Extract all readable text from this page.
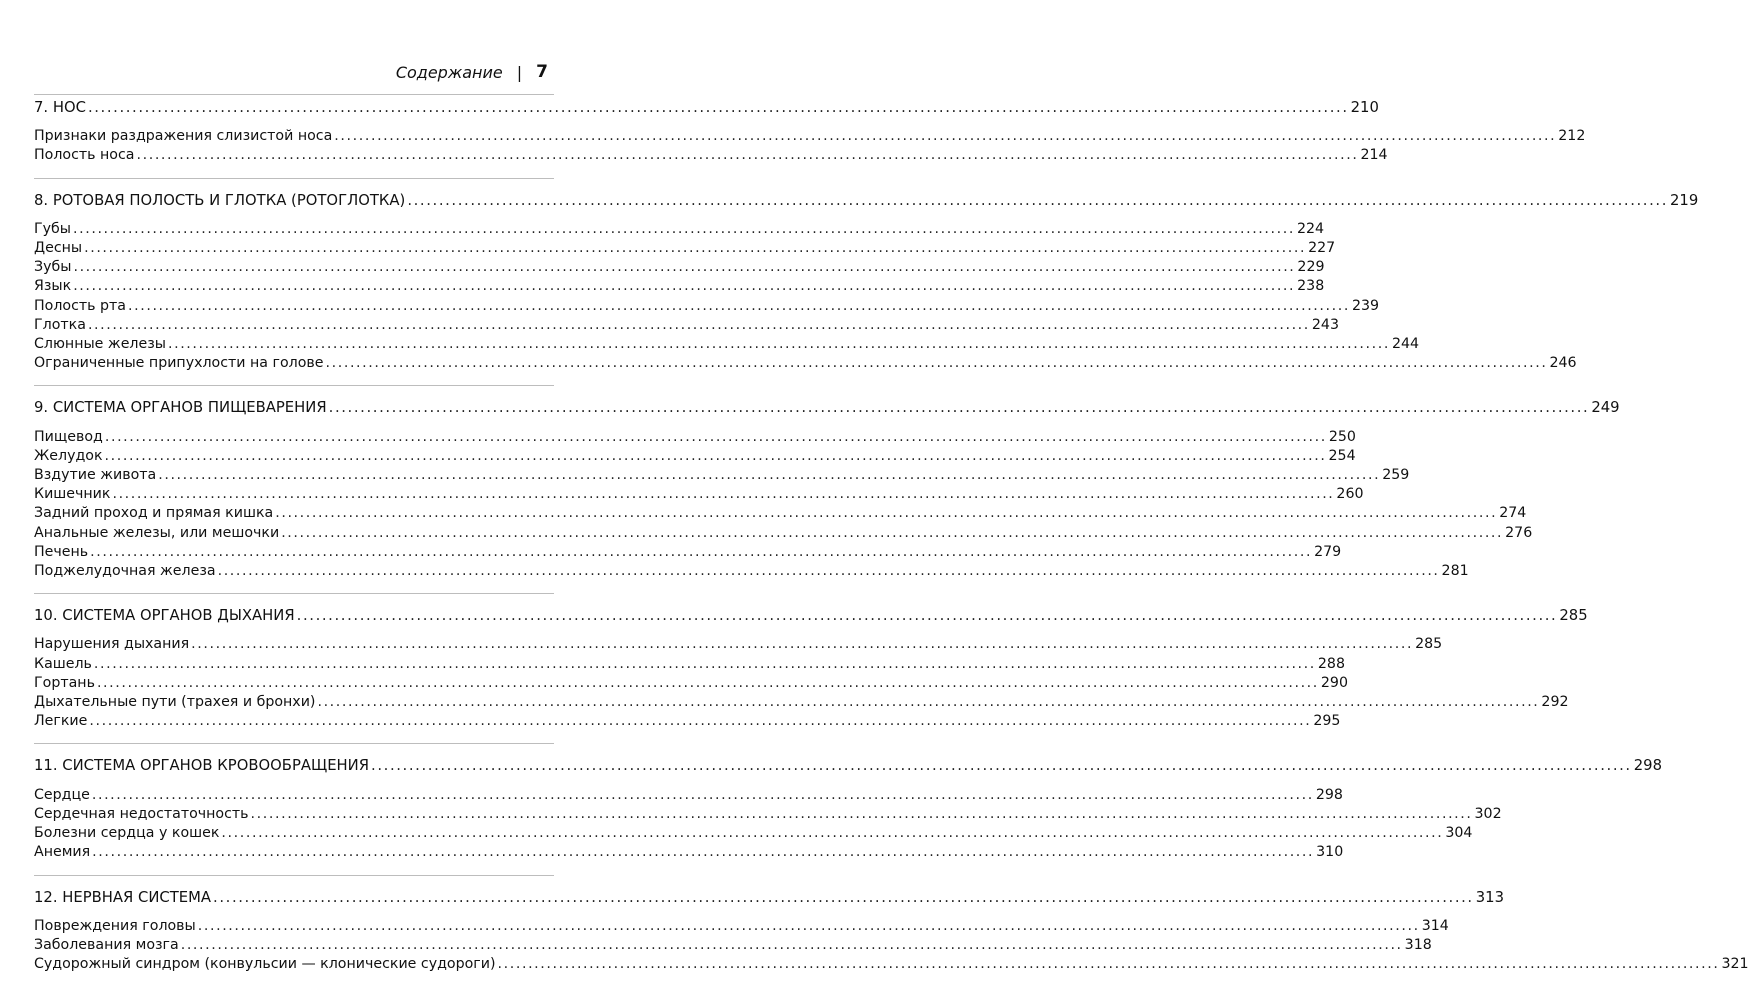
Содержание | 7
7. НОС ........................................................................................................................................................................................................ 210
Признаки раздражения слизистой носа ........................................................................................................................................................................................................ 212
Полость носа ........................................................................................................................................................................................................ 214
8. РОТОВАЯ ПОЛОСТЬ И ГЛОТКА (РОТОГЛОТКА) ........................................................................................................................................................................................................ 219
Губы ........................................................................................................................................................................................................ 224
Десны ........................................................................................................................................................................................................ 227
Зубы ........................................................................................................................................................................................................ 229
Язык ........................................................................................................................................................................................................ 238
Полость рта ........................................................................................................................................................................................................ 239
Глотка ........................................................................................................................................................................................................ 243
Слюнные железы ........................................................................................................................................................................................................ 244
Ограниченные припухлости на голове ........................................................................................................................................................................................................ 246
9. СИСТЕМА ОРГАНОВ ПИЩЕВАРЕНИЯ ........................................................................................................................................................................................................ 249
Пищевод ........................................................................................................................................................................................................ 250
Желудок ........................................................................................................................................................................................................ 254
Вздутие живота ........................................................................................................................................................................................................ 259
Кишечник ........................................................................................................................................................................................................ 260
Задний проход и прямая кишка ........................................................................................................................................................................................................ 274
Анальные железы, или мешочки ........................................................................................................................................................................................................ 276
Печень ........................................................................................................................................................................................................ 279
Поджелудочная железа ........................................................................................................................................................................................................ 281
10. СИСТЕМА ОРГАНОВ ДЫХАНИЯ ........................................................................................................................................................................................................ 285
Нарушения дыхания ........................................................................................................................................................................................................ 285
Кашель ........................................................................................................................................................................................................ 288
Гортань ........................................................................................................................................................................................................ 290
Дыхательные пути (трахея и бронхи) ........................................................................................................................................................................................................ 292
Легкие ........................................................................................................................................................................................................ 295
11. СИСТЕМА ОРГАНОВ КРОВООБРАЩЕНИЯ ........................................................................................................................................................................................................ 298
Сердце ........................................................................................................................................................................................................ 298
Сердечная недостаточность ........................................................................................................................................................................................................ 302
Болезни сердца у кошек ........................................................................................................................................................................................................ 304
Анемия ........................................................................................................................................................................................................ 310
12. НЕРВНАЯ СИСТЕМА ........................................................................................................................................................................................................ 313
Повреждения головы ........................................................................................................................................................................................................ 314
Заболевания мозга ........................................................................................................................................................................................................ 318
Судорожный синдром (конвульсии — клонические судороги) ........................................................................................................................................................................................................ 321
